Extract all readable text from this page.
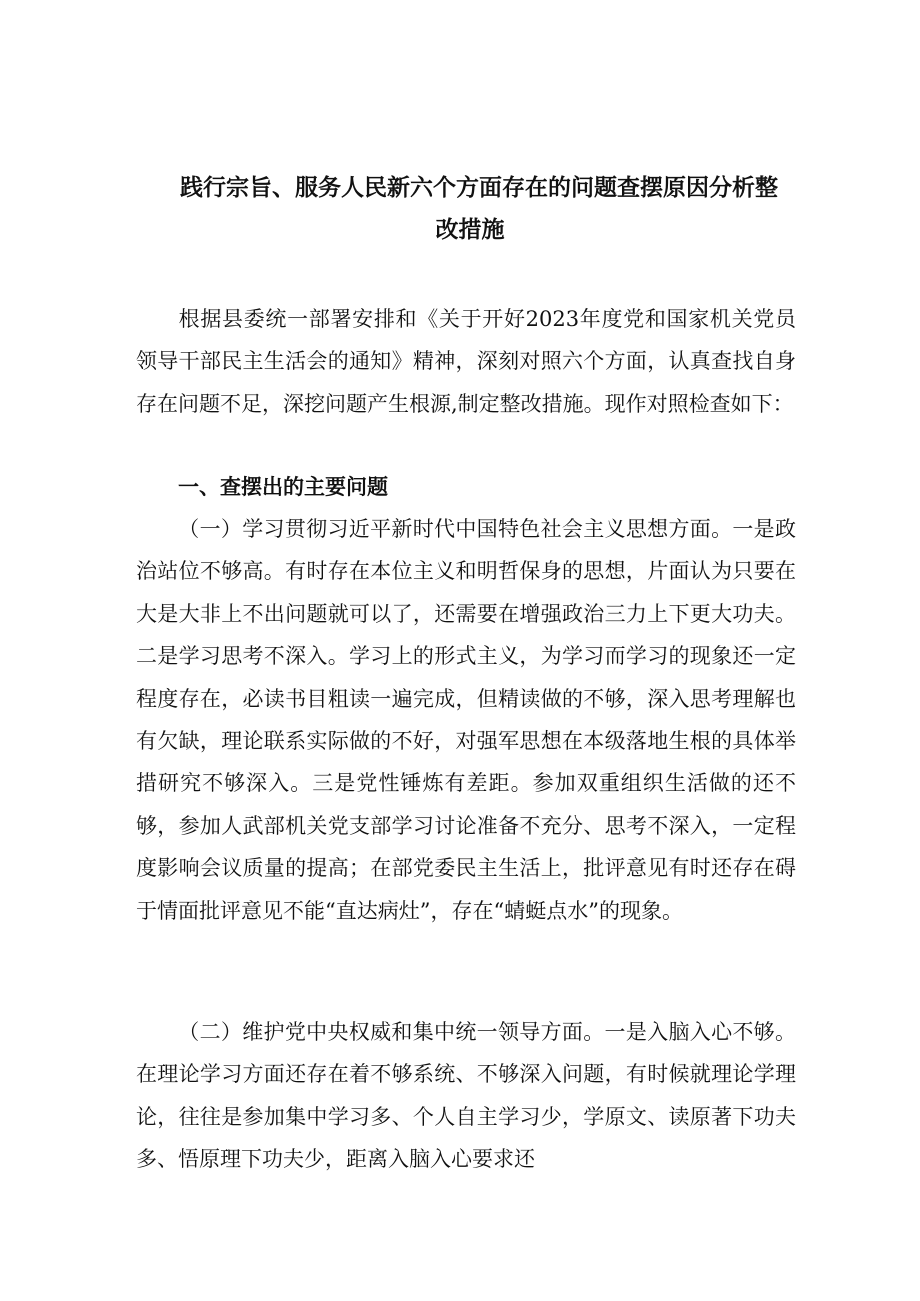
践行宗旨、服务人民新六个方面存在的问题查摆原因分析整
改措施

根据县委统一部署安排和《关于开好2023年度党和国家机关党员领导干部民主生活会的通知》精神，深刻对照六个方面，认真查找自身存在问题不足，深挖问题产生根源,制定整改措施。现作对照检查如下：

一、查摆出的主要问题

（一）学习贯彻习近平新时代中国特色社会主义思想方面。一是政治站位不够高。有时存在本位主义和明哲保身的思想，片面认为只要在大是大非上不出问题就可以了，还需要在增强政治三力上下更大功夫。二是学习思考不深入。学习上的形式主义，为学习而学习的现象还一定程度存在，必读书目粗读一遍完成，但精读做的不够，深入思考理解也有欠缺，理论联系实际做的不好，对强军思想在本级落地生根的具体举措研究不够深入。三是党性锤炼有差距。参加双重组织生活做的还不够，参加人武部机关党支部学习讨论准备不充分、思考不深入，一定程度影响会议质量的提高；在部党委民主生活上，批评意见有时还存在碍于情面批评意见不能“直达病灶”，存在“蜻蜓点水”的现象。

（二）维护党中央权威和集中统一领导方面。一是入脑入心不够。在理论学习方面还存在着不够系统、不够深入问题，有时候就理论学理论，往往是参加集中学习多、个人自主学习少，学原文、读原著下功夫多、悟原理下功夫少，距离入脑入心要求还
